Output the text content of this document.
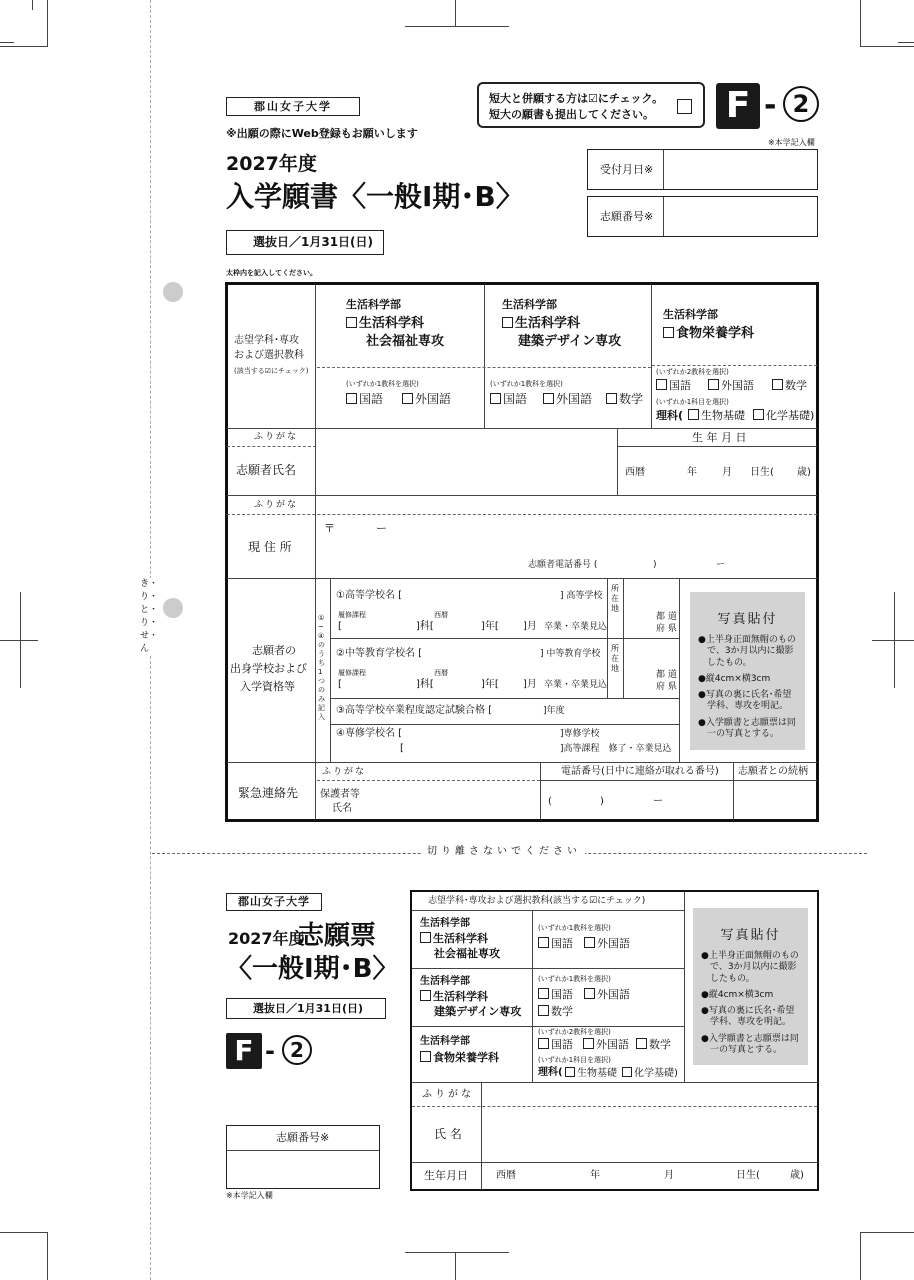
き・り・と・り・せ・ん
郡山女子大学
※出願の際にWeb登録もお願いします
2027年度
入学願書〈一般Ⅰ期･B〉
選抜日／1月31日(日)
太枠内を記入してください。
短大と併願する方は☑にチェック。
短大の願書も提出してください。 F - 2
※本学記入欄
受付月日※
志願番号※
志望学科･専攻
および選択教科
(該当する☑にチェック)
生活科学部
生活科学科
社会福祉専攻
(いずれか1教科を選択)
国語	外国語
生活科学部
生活科学科
建築デザイン専攻
(いずれか1教科を選択)
国語	外国語	数学
生活科学部
食物栄養学科
(いずれか2教科を選択)
国語	外国語	数学
(いずれか1科目を選択)
理科(	生物基礎	化学基礎)
ふりがな	生 年 月 日
志願者氏名	西暦	年	月 日生( 歳)
ふりがな
現 住 所
〒	ー
志願者電話番号 (	)	ー
志願者の
出身学校および
入学資格等
①~④のうち1つのみ記入
写真貼付
●上半身正面無帽のもので、3か月以内に撮影したもの。
●縦4cm×横3cm
●写真の裏に氏名･希望学科、専攻を明記。
●入学願書と志願票は同一の写真とする。
①高等学校名 [	] 高等学校
履修課程	西暦
[	]科[	]年[ ]月 卒業・卒業見込
所在地
都 道
府 県
②中等教育学校名 [	] 中等教育学校
履修課程	西暦
[	]科[	]年[ ]月 卒業・卒業見込
所在地
都 道
府 県
③高等学校卒業程度認定試験合格 [	]年度
④専修学校名 [	]専修学校
[	]高等課程　修了・卒業見込
緊急連絡先
ふりがな
保護者等
氏名
電話番号(日中に連絡が取れる番号) 志願者との続柄
(	)	ー
切り離さないでください
郡山女子大学
2027年度
志願票
〈一般Ⅰ期･B〉
選抜日／1月31日(日)
F - 2
志願番号※
※本学記入欄
志望学科･専攻および選択教科(該当する☑にチェック)
生活科学部
生活科学科
社会福祉専攻
(いずれか1教科を選択)
国語	外国語
生活科学部
生活科学科
建築デザイン専攻
(いずれか1教科を選択)
国語	外国語
数学
生活科学部
食物栄養学科
(いずれか2教科を選択)
国語	外国語	数学
(いずれか1科目を選択)
理科(	生物基礎	化学基礎)
写真貼付
●上半身正面無帽のもので、3か月以内に撮影したもの。
●縦4cm×横3cm
●写真の裏に氏名･希望学科、専攻を明記。
●入学願書と志願票は同一の写真とする。
ふりがな
氏 名
生年月日	西暦	年	月	日生(	歳)
